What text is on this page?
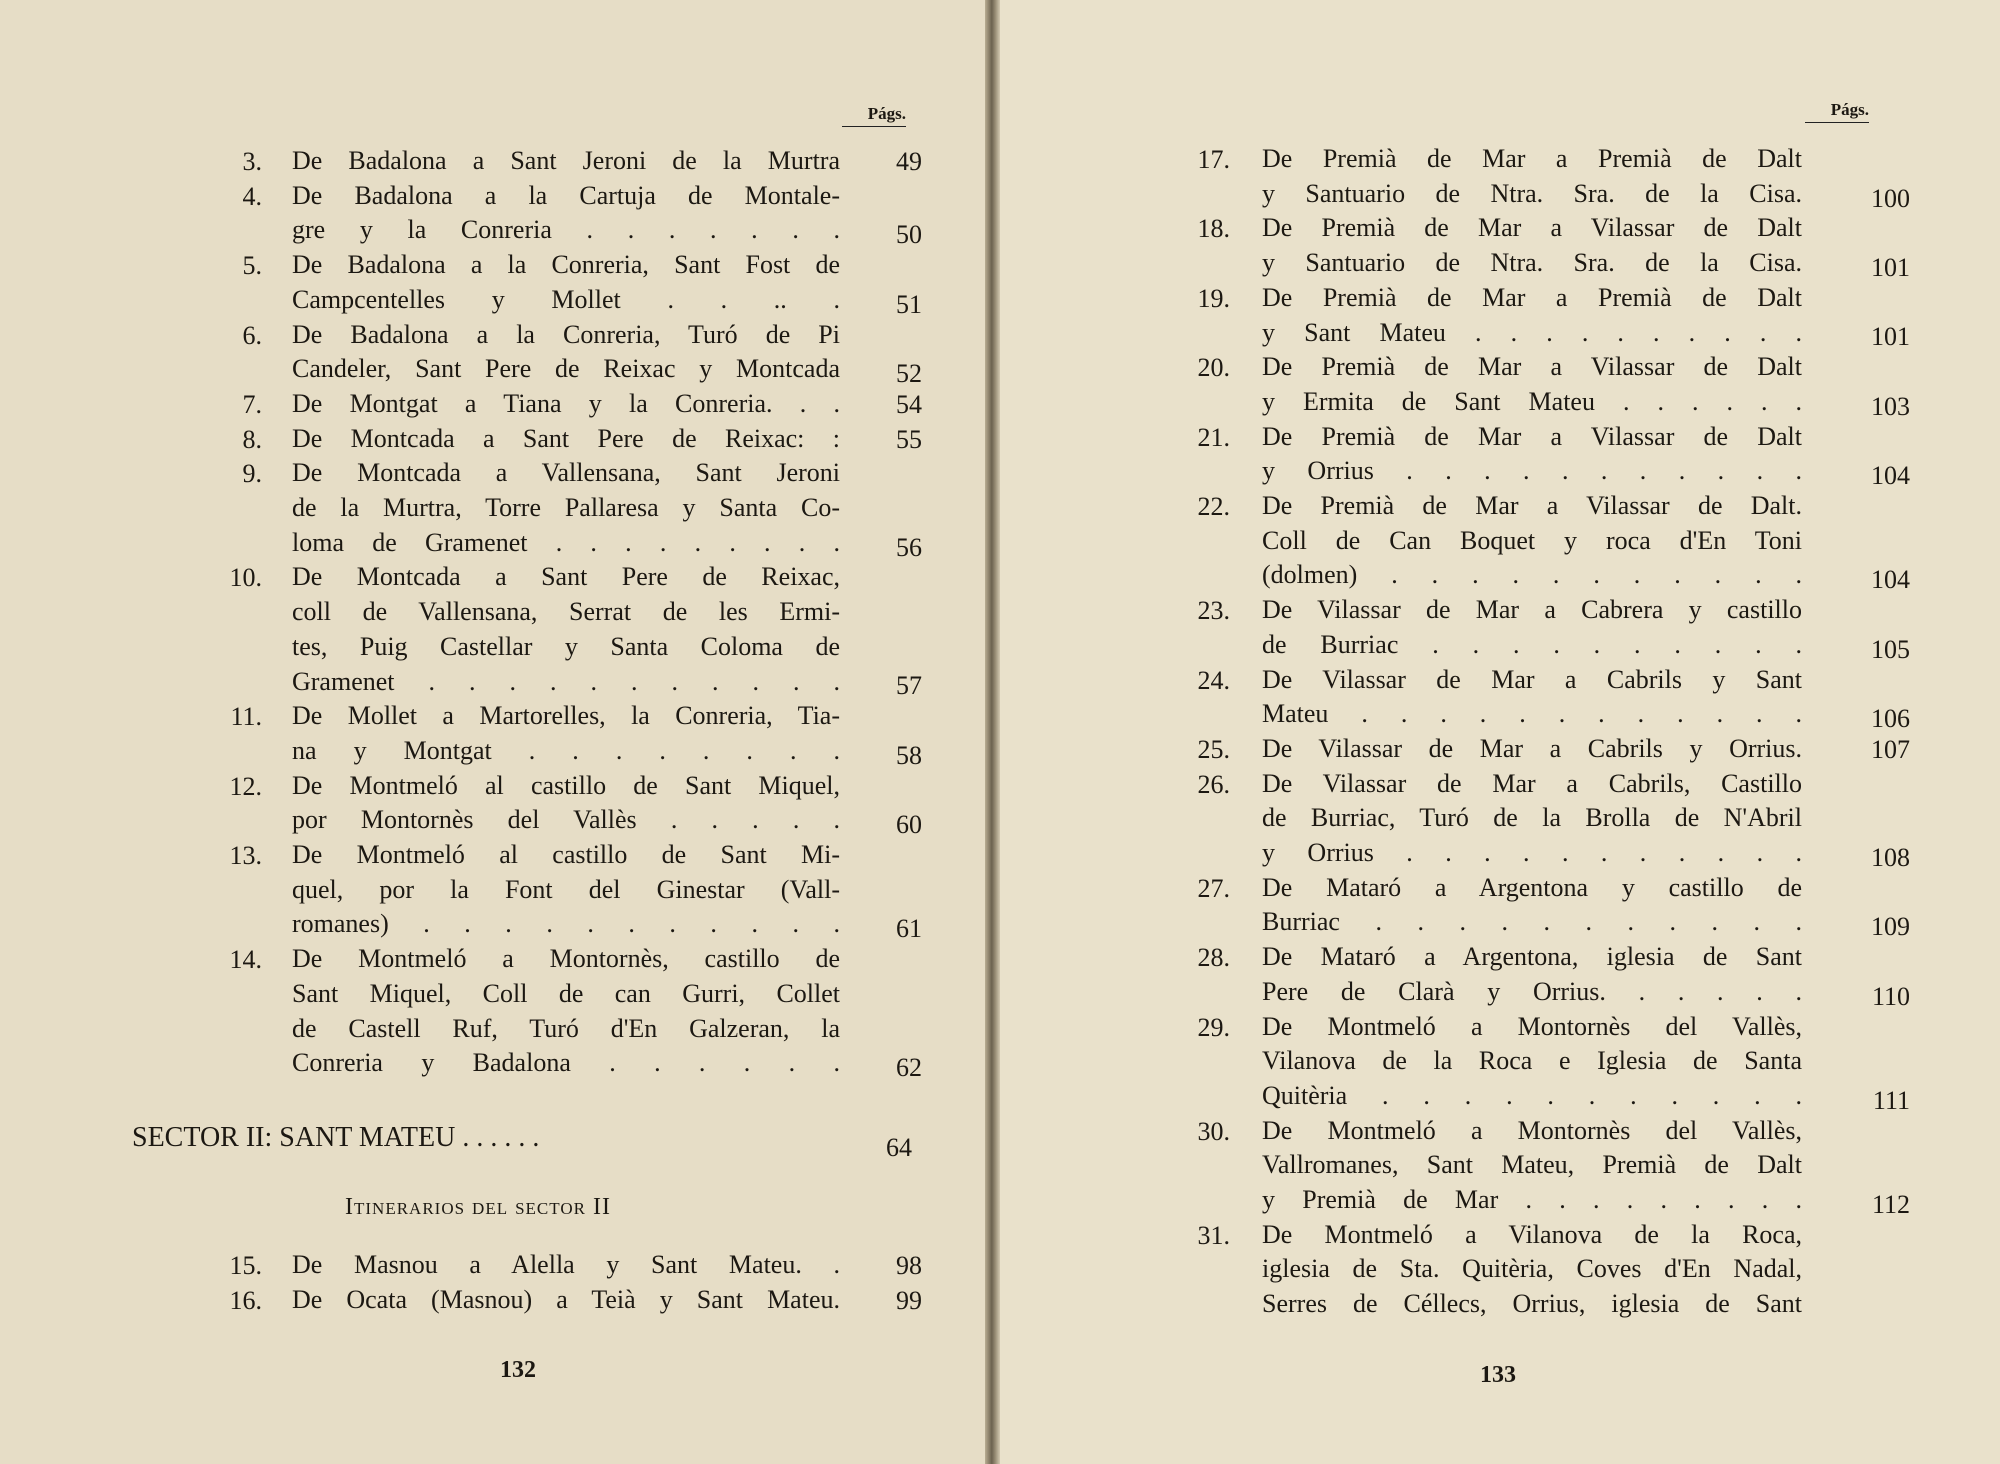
Págs.
3. De Badalona a Sant Jeroni de la Murtra	49
4. De Badalona a la Cartuja de Montale-
gre y la Conreria . . . . . . .	50
5. De Badalona a la Conreria, Sant Fost de
Campcentelles y Mollet . . .. .	51
6. De Badalona a la Conreria, Turó de Pi
Candeler, Sant Pere de Reixac y Montcada	52
7. De Montgat a Tiana y la Conreria. . .	54
8. De Montcada a Sant Pere de Reixac: :	55
9. De Montcada a Vallensana, Sant Jeroni
de la Murtra, Torre Pallaresa y Santa Co-
loma de Gramenet . . . . . . . . .	56
10. De Montcada a Sant Pere de Reixac,
coll de Vallensana, Serrat de les Ermi-
tes, Puig Castellar y Santa Coloma de
Gramenet . . . . . . . . . . .	57
11. De Mollet a Martorelles, la Conreria, Tia-
na y Montgat . . . . . . . .	58
12. De Montmeló al castillo de Sant Miquel,
por Montornès del Vallès . . . . .	60
13. De Montmeló al castillo de Sant Mi-
quel, por la Font del Ginestar (Vall-
romanes) . . . . . . . . . . .	61
14. De Montmeló a Montornès, castillo de
Sant Miquel, Coll de can Gurri, Collet
de Castell Ruf, Turó d'En Galzeran, la
Conreria y Badalona . . . . . .	62
SECTOR II: SANT MATEU . . . . . .	64
Itinerarios del sector II
15. De Masnou a Alella y Sant Mateu. .	98
16. De Ocata (Masnou) a Teià y Sant Mateu.	99
132
Págs.
17. De Premià de Mar a Premià de Dalt
y Santuario de Ntra. Sra. de la Cisa.	100
18. De Premià de Mar a Vilassar de Dalt
y Santuario de Ntra. Sra. de la Cisa.	101
19. De Premià de Mar a Premià de Dalt
y Sant Mateu . . . . . . . . . .	101
20. De Premià de Mar a Vilassar de Dalt
y Ermita de Sant Mateu . . . . . .	103
21. De Premià de Mar a Vilassar de Dalt
y Orrius . . . . . . . . . . .	104
22. De Premià de Mar a Vilassar de Dalt.
Coll de Can Boquet y roca d'En Toni
(dolmen) . . . . . . . . . . .	104
23. De Vilassar de Mar a Cabrera y castillo
de Burriac . . . . . . . . . .	105
24. De Vilassar de Mar a Cabrils y Sant
Mateu . . . . . . . . . . . .	106
25. De Vilassar de Mar a Cabrils y Orrius.	107
26. De Vilassar de Mar a Cabrils, Castillo
de Burriac, Turó de la Brolla de N'Abril
y Orrius . . . . . . . . . . .	108
27. De Mataró a Argentona y castillo de
Burriac . . . . . . . . . . .	109
28. De Mataró a Argentona, iglesia de Sant
Pere de Clarà y Orrius. . . . . .	110
29. De Montmeló a Montornès del Vallès,
Vilanova de la Roca e Iglesia de Santa
Quitèria . . . . . . . . . . .	111
30. De Montmeló a Montornès del Vallès,
Vallromanes, Sant Mateu, Premià de Dalt
y Premià de Mar . . . . . . . . .	112
31. De Montmeló a Vilanova de la Roca,
iglesia de Sta. Quitèria, Coves d'En Nadal,
Serres de Céllecs, Orrius, iglesia de Sant
133
